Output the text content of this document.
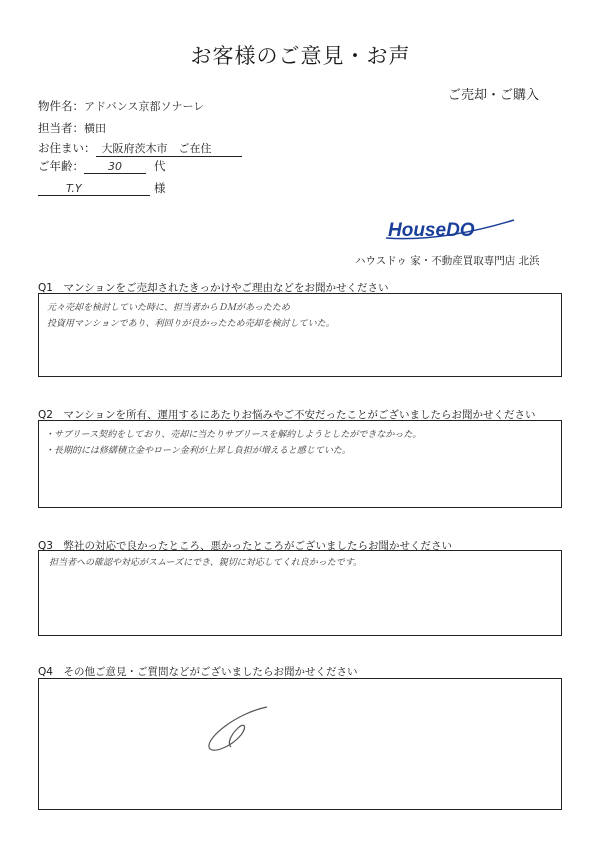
お客様のご意見・お声
ご売却・ご購入
物件名：アドバンス京都ソナーレ
担当者：横田
お住まい： 大阪府茨木市　ご在住
ご年齢： 30	代
T.Y	様
HouseDO
ハウスドゥ 家・不動産買取専門店 北浜
Q1　マンションをご売却されたきっかけやご理由などをお聞かせください
元々売却を検討していた時に、担当者からＤＭがあったため
投資用マンションであり、利回りが良かったため売却を検討していた。
Q2　マンションを所有、運用するにあたりお悩みやご不安だったことがございましたらお聞かせください
・サブリース契約をしており、売却に当たりサブリースを解約しようとしたができなかった。
・長期的には修繕積立金やローン金利が上昇し負担が増えると感じていた。
Q3　弊社の対応で良かったところ、悪かったところがございましたらお聞かせください
担当者への確認や対応がスムーズにでき、親切に対応してくれ良かったです。
Q4　その他ご意見・ご質問などがございましたらお聞かせください
